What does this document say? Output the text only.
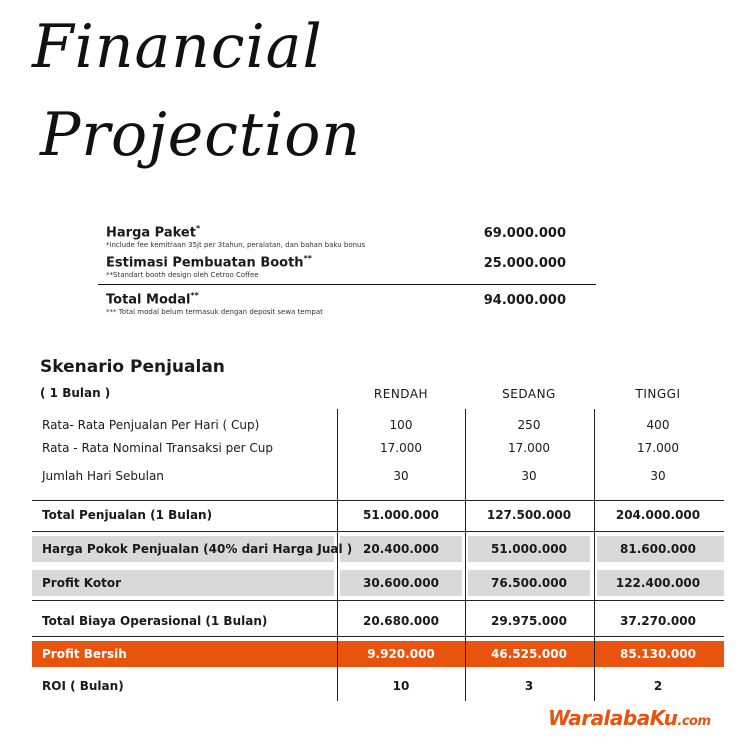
Financial
Projection
Harga Paket*
*include fee kemitraan 35jt per 3tahun, peralatan, dan bahan baku bonus
69.000.000
Estimasi Pembuatan Booth**
**Standart booth design oleh Cetroo Coffee
25.000.000
Total Modal**
*** Total modal belum termasuk dengan deposit sewa tempat
94.000.000
Skenario Penjualan
( 1 Bulan )	RENDAH	SEDANG	TINGGI
Rata- Rata Penjualan Per Hari ( Cup)	100	250	400
Rata - Rata Nominal Transaksi per Cup	17.000	17.000	17.000
Jumlah Hari Sebulan	30	30	30
Total Penjualan (1 Bulan)	51.000.000	127.500.000	204.000.000
Harga Pokok Penjualan (40% dari Harga Jual ) 20.400.000	51.000.000	81.600.000
Profit Kotor	30.600.000	76.500.000	122.400.000
Total Biaya Operasional (1 Bulan)	20.680.000	29.975.000	37.270.000
Profit Bersih	9.920.000	46.525.000	85.130.000
ROI ( Bulan)	10	3	2
WaralabaKu.com
